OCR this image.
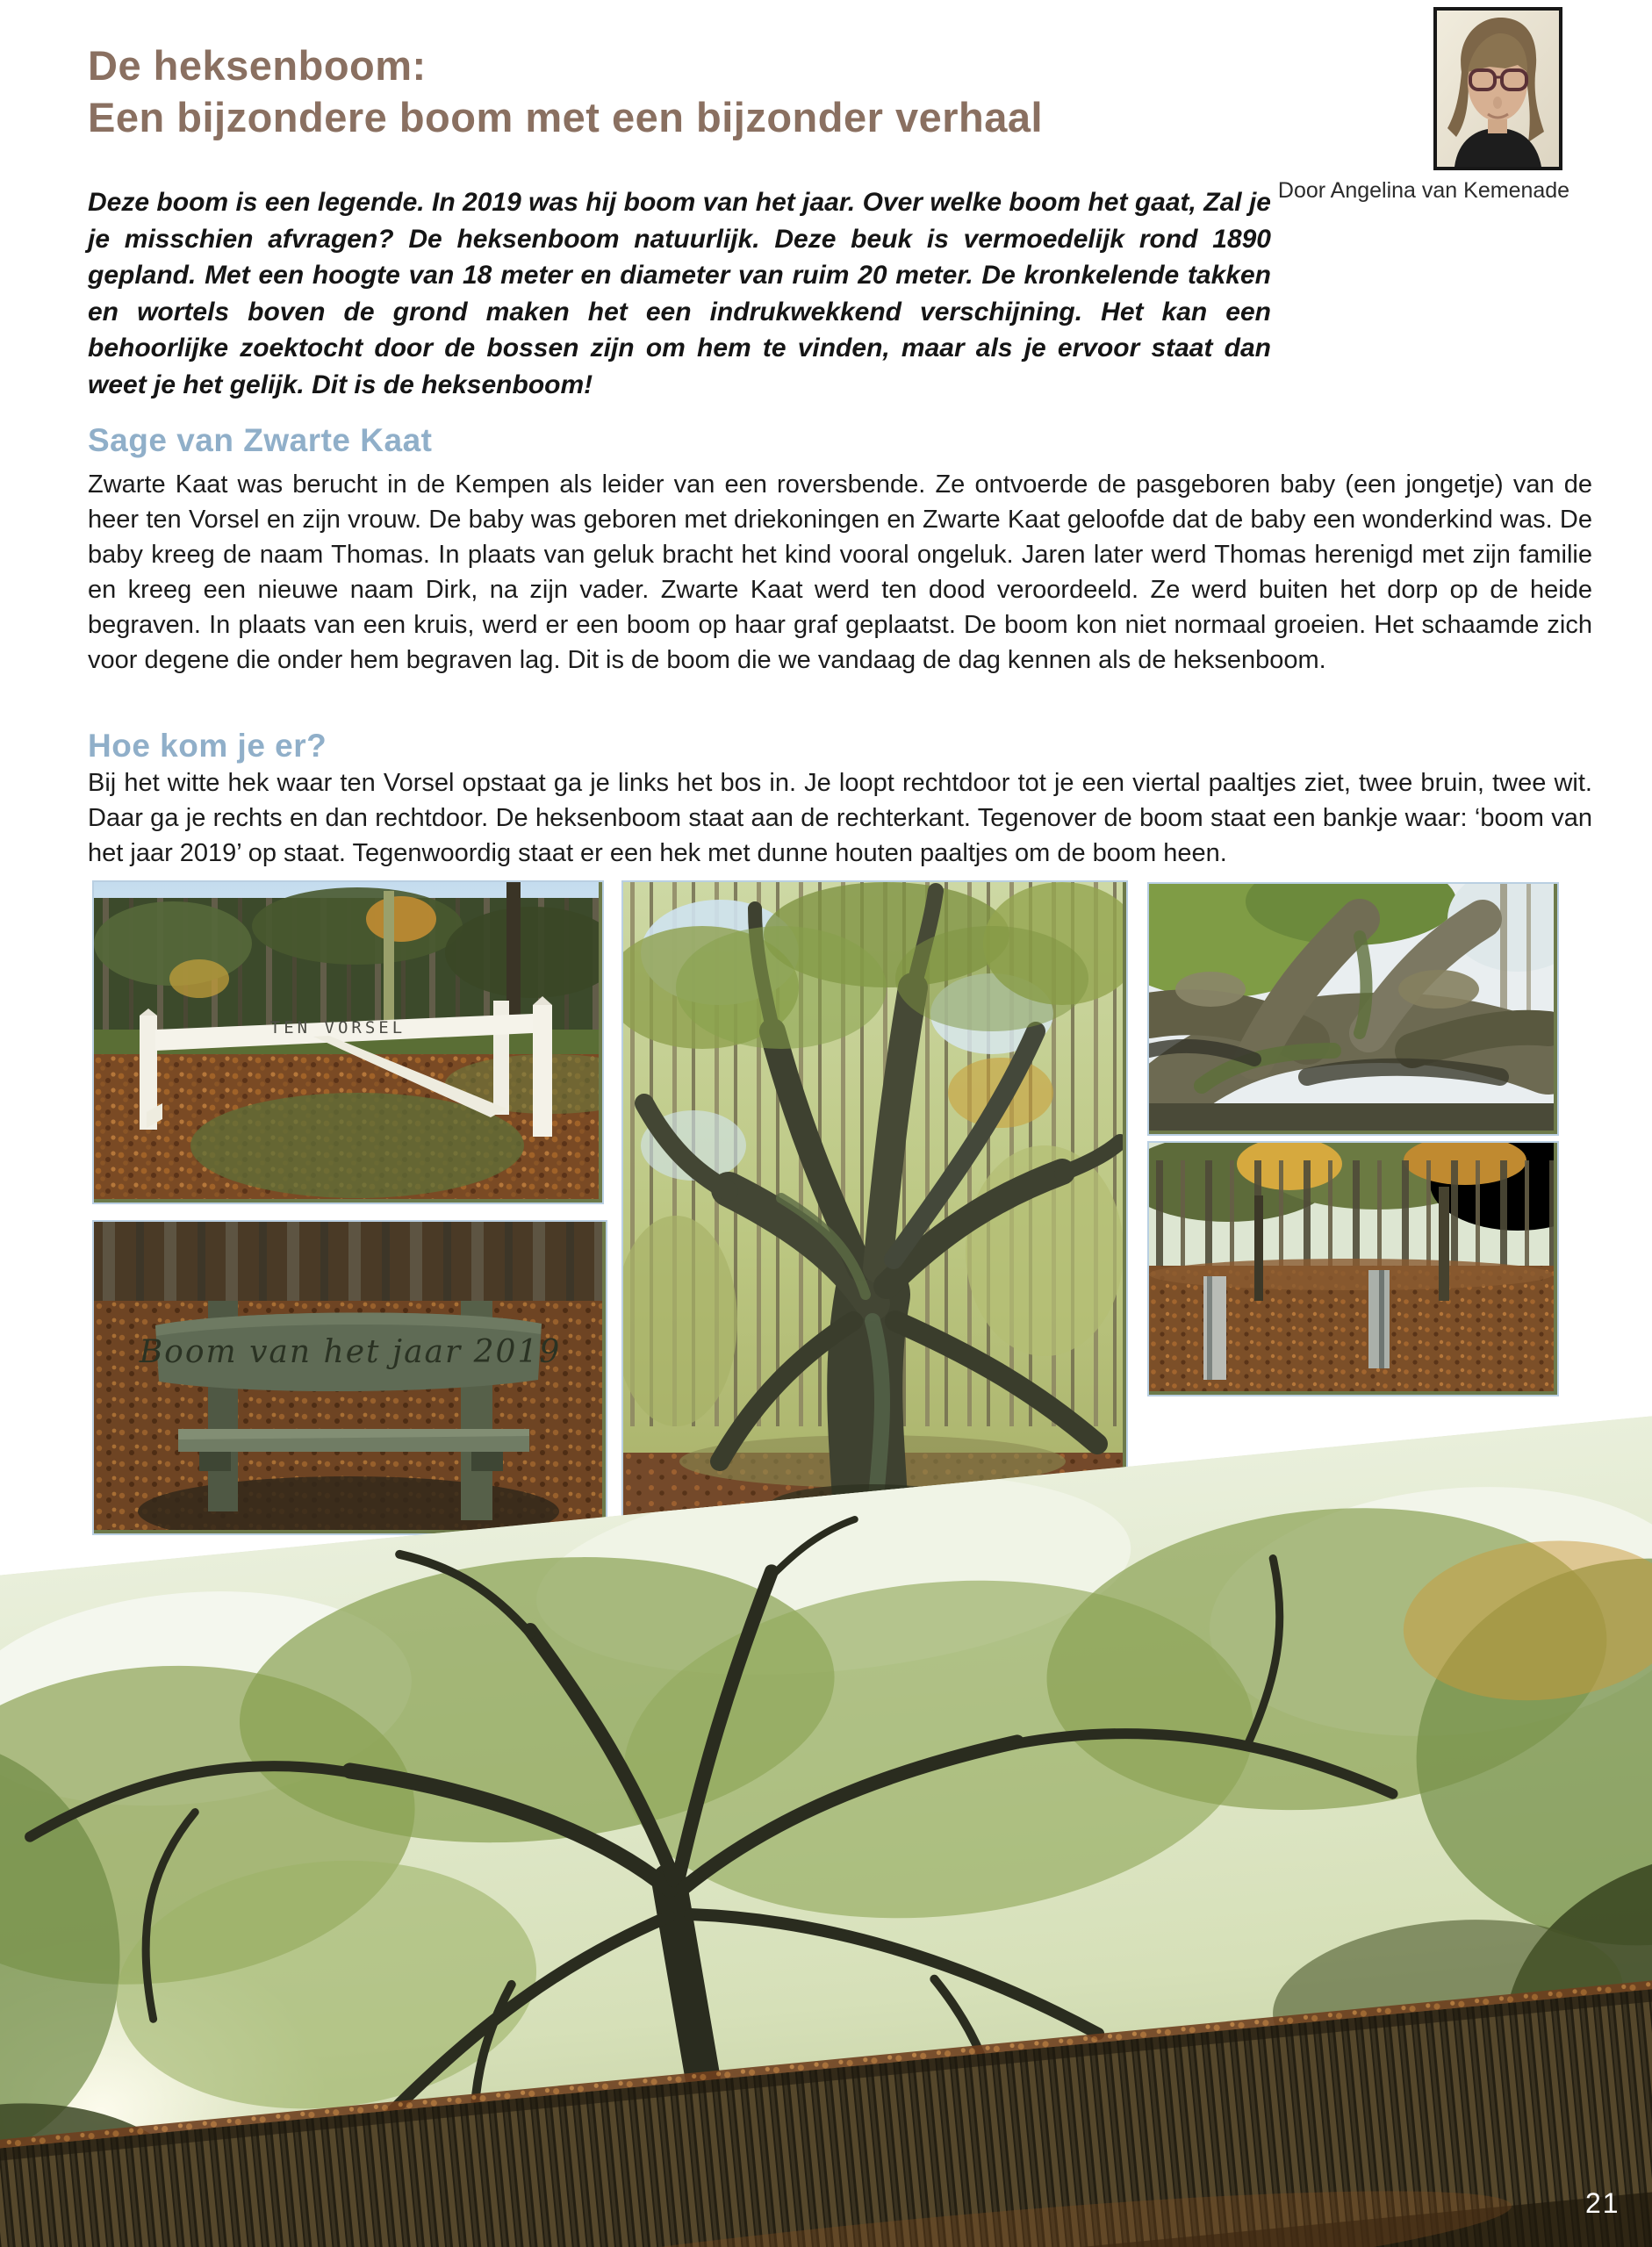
De heksenboom:
Een bijzondere boom met een bijzonder verhaal
Door Angelina van Kemenade

Deze boom is een legende. In 2019 was hij boom van het jaar. Over welke boom het gaat, Zal je je misschien afvragen? De heksenboom natuurlijk. Deze beuk is vermoedelijk rond 1890 gepland. Met een hoogte van 18 meter en diameter van ruim 20 meter. De kronkelende takken en wortels boven de grond maken het een indrukwekkend verschijning. Het kan een behoorlijke zoektocht door de bossen zijn om hem te vinden, maar als je ervoor staat dan weet je het gelijk. Dit is de heksenboom!

Sage van Zwarte Kaat

Zwarte Kaat was berucht in de Kempen als leider van een roversbende. Ze ontvoerde de pasgeboren baby (een jongetje) van de heer ten Vorsel en zijn vrouw. De baby was geboren met driekoningen en Zwarte Kaat geloofde dat de baby een wonderkind was. De baby kreeg de naam Thomas. In plaats van geluk bracht het kind vooral ongeluk. Jaren later werd Thomas herenigd met zijn familie en kreeg een nieuwe naam Dirk, na zijn vader. Zwarte Kaat werd ten dood veroordeeld. Ze werd buiten het dorp op de heide begraven. In plaats van een kruis, werd er een boom op haar graf geplaatst. De boom kon niet normaal groeien. Het schaamde zich voor degene die onder hem begraven lag. Dit is de boom die we vandaag de dag kennen als de heksenboom.

Hoe kom je er?

Bij het witte hek waar ten Vorsel opstaat ga je links het bos in. Je loopt rechtdoor tot je een viertal paaltjes ziet, twee bruin, twee wit. Daar ga je rechts en dan rechtdoor. De heksenboom staat aan de rechterkant. Tegenover de boom staat een bankje waar: ‘boom van het jaar 2019’ op staat. Tegenwoordig staat er een hek met dunne houten paaltjes om de boom heen.

TEN VORSEL
Boom van het jaar 2019
21
